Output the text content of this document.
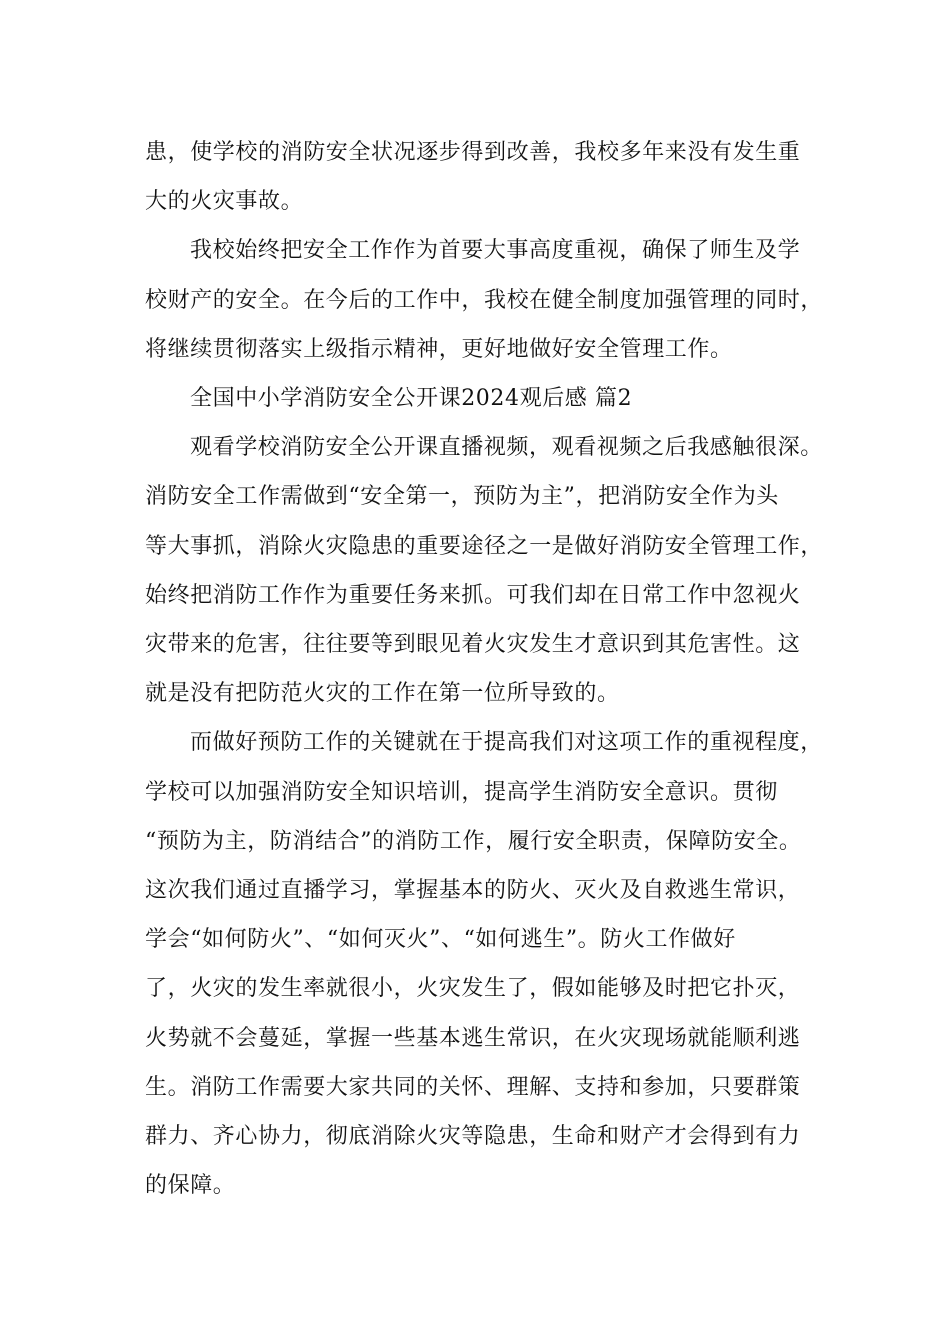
患，使学校的消防安全状况逐步得到改善，我校多年来没有发生重
大的火灾事故。

我校始终把安全工作作为首要大事高度重视，确保了师生及学
校财产的安全。在今后的工作中，我校在健全制度加强管理的同时，
将继续贯彻落实上级指示精神，更好地做好安全管理工作。

全国中小学消防安全公开课2024观后感 篇2

观看学校消防安全公开课直播视频，观看视频之后我感触很深。
消防安全工作需做到“安全第一，预防为主”，把消防安全作为头
等大事抓，消除火灾隐患的重要途径之一是做好消防安全管理工作，
始终把消防工作作为重要任务来抓。可我们却在日常工作中忽视火
灾带来的危害，往往要等到眼见着火灾发生才意识到其危害性。这
就是没有把防范火灾的工作在第一位所导致的。

而做好预防工作的关键就在于提高我们对这项工作的重视程度，
学校可以加强消防安全知识培训，提高学生消防安全意识。贯彻
“预防为主，防消结合”的消防工作，履行安全职责，保障防安全。
这次我们通过直播学习，掌握基本的防火、灭火及自救逃生常识，
学会“如何防火”、“如何灭火”、“如何逃生”。防火工作做好
了，火灾的发生率就很小，火灾发生了，假如能够及时把它扑灭，
火势就不会蔓延，掌握一些基本逃生常识，在火灾现场就能顺利逃
生。消防工作需要大家共同的关怀、理解、支持和参加，只要群策
群力、齐心协力，彻底消除火灾等隐患，生命和财产才会得到有力
的保障。
